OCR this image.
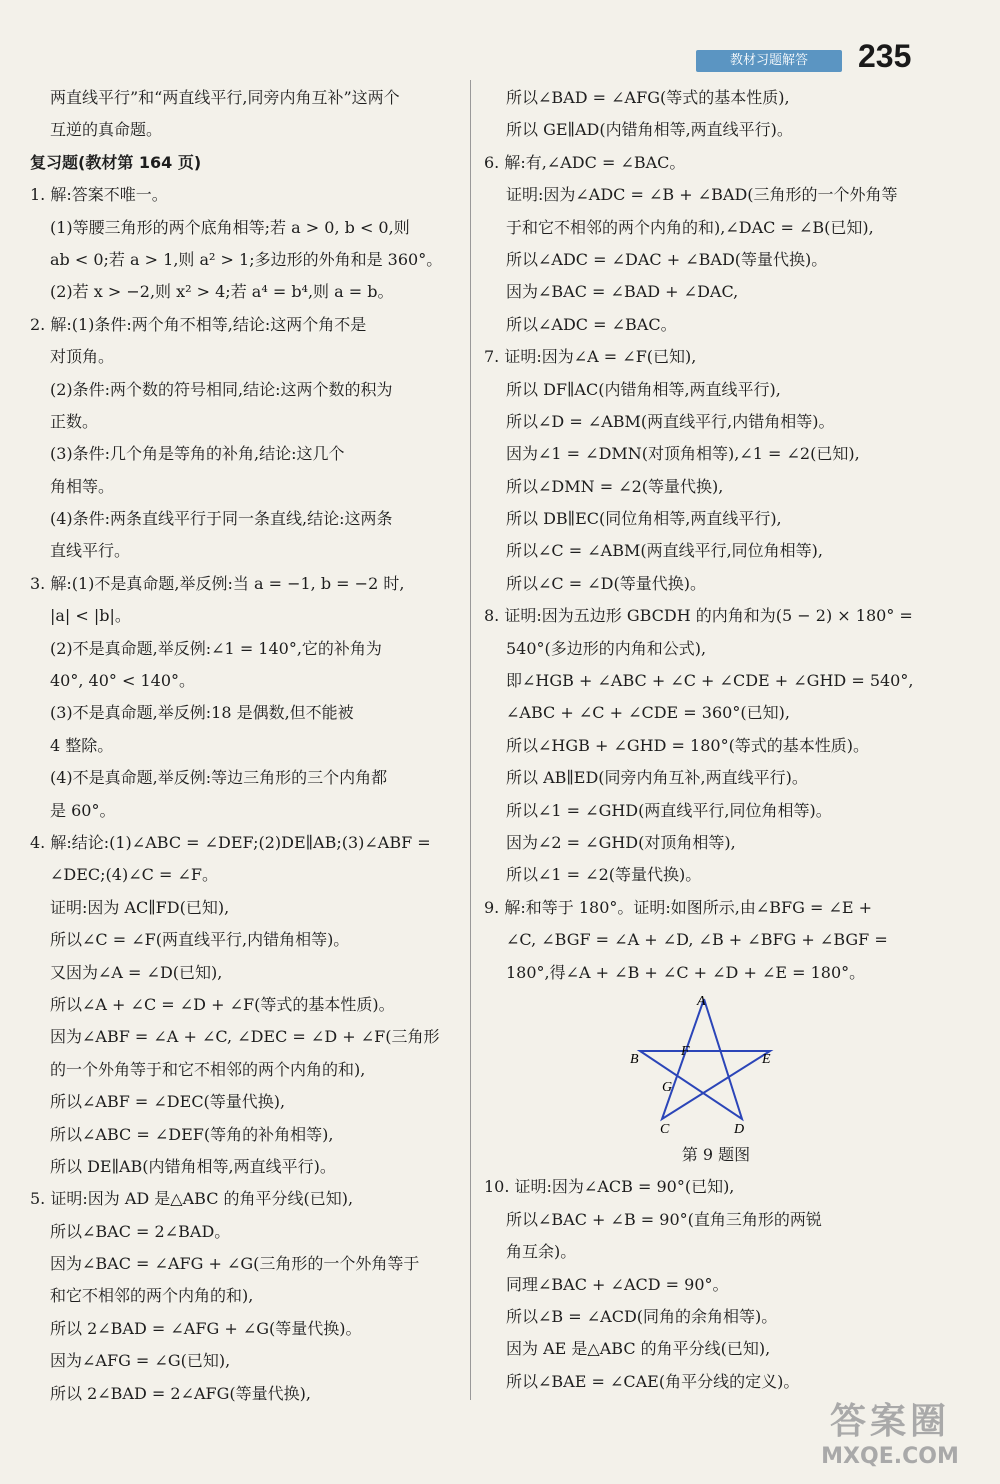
教材习题解答	235
两直线平行”和“两直线平行,同旁内角互补”这两个
互逆的真命题。
复习题(教材第 164 页)
1. 解:答案不唯一。
(1)等腰三角形的两个底角相等;若 a > 0, b < 0,则
ab < 0;若 a > 1,则 a² > 1;多边形的外角和是 360°。
(2)若 x > −2,则 x² > 4;若 a⁴ = b⁴,则 a = b。
2. 解:(1)条件:两个角不相等,结论:这两个角不是
对顶角。
(2)条件:两个数的符号相同,结论:这两个数的积为
正数。
(3)条件:几个角是等角的补角,结论:这几个
角相等。
(4)条件:两条直线平行于同一条直线,结论:这两条
直线平行。
3. 解:(1)不是真命题,举反例:当 a = −1, b = −2 时,
|a| < |b|。
(2)不是真命题,举反例:∠1 = 140°,它的补角为
40°, 40° < 140°。
(3)不是真命题,举反例:18 是偶数,但不能被
4 整除。
(4)不是真命题,举反例:等边三角形的三个内角都
是 60°。
4. 解:结论:(1)∠ABC = ∠DEF;(2)DE∥AB;(3)∠ABF =
∠DEC;(4)∠C = ∠F。
证明:因为 AC∥FD(已知),
所以∠C = ∠F(两直线平行,内错角相等)。
又因为∠A = ∠D(已知),
所以∠A + ∠C = ∠D + ∠F(等式的基本性质)。
因为∠ABF = ∠A + ∠C, ∠DEC = ∠D + ∠F(三角形
的一个外角等于和它不相邻的两个内角的和),
所以∠ABF = ∠DEC(等量代换),
所以∠ABC = ∠DEF(等角的补角相等),
所以 DE∥AB(内错角相等,两直线平行)。
5. 证明:因为 AD 是△ABC 的角平分线(已知),
所以∠BAC = 2∠BAD。
因为∠BAC = ∠AFG + ∠G(三角形的一个外角等于
和它不相邻的两个内角的和),
所以 2∠BAD = ∠AFG + ∠G(等量代换)。
因为∠AFG = ∠G(已知),
所以 2∠BAD = 2∠AFG(等量代换),
所以∠BAD = ∠AFG(等式的基本性质),
所以 GE∥AD(内错角相等,两直线平行)。
6. 解:有,∠ADC = ∠BAC。
证明:因为∠ADC = ∠B + ∠BAD(三角形的一个外角等
于和它不相邻的两个内角的和),∠DAC = ∠B(已知),
所以∠ADC = ∠DAC + ∠BAD(等量代换)。
因为∠BAC = ∠BAD + ∠DAC,
所以∠ADC = ∠BAC。
7. 证明:因为∠A = ∠F(已知),
所以 DF∥AC(内错角相等,两直线平行),
所以∠D = ∠ABM(两直线平行,内错角相等)。
因为∠1 = ∠DMN(对顶角相等),∠1 = ∠2(已知),
所以∠DMN = ∠2(等量代换),
所以 DB∥EC(同位角相等,两直线平行),
所以∠C = ∠ABM(两直线平行,同位角相等),
所以∠C = ∠D(等量代换)。
8. 证明:因为五边形 GBCDH 的内角和为(5 − 2) × 180° =
540°(多边形的内角和公式),
即∠HGB + ∠ABC + ∠C + ∠CDE + ∠GHD = 540°,
∠ABC + ∠C + ∠CDE = 360°(已知),
所以∠HGB + ∠GHD = 180°(等式的基本性质)。
所以 AB∥ED(同旁内角互补,两直线平行)。
所以∠1 = ∠GHD(两直线平行,同位角相等)。
因为∠2 = ∠GHD(对顶角相等),
所以∠1 = ∠2(等量代换)。
9. 解:和等于 180°。证明:如图所示,由∠BFG = ∠E +
∠C, ∠BGF = ∠A + ∠D, ∠B + ∠BFG + ∠BGF =
180°,得∠A + ∠B + ∠C + ∠D + ∠E = 180°。
A
B	E
F
G
C	D
第 9 题图
10. 证明:因为∠ACB = 90°(已知),
所以∠BAC + ∠B = 90°(直角三角形的两锐
角互余)。
同理∠BAC + ∠ACD = 90°。
所以∠B = ∠ACD(同角的余角相等)。
因为 AE 是△ABC 的角平分线(已知),
所以∠BAE = ∠CAE(角平分线的定义)。
答案圈
MXQE.COM
